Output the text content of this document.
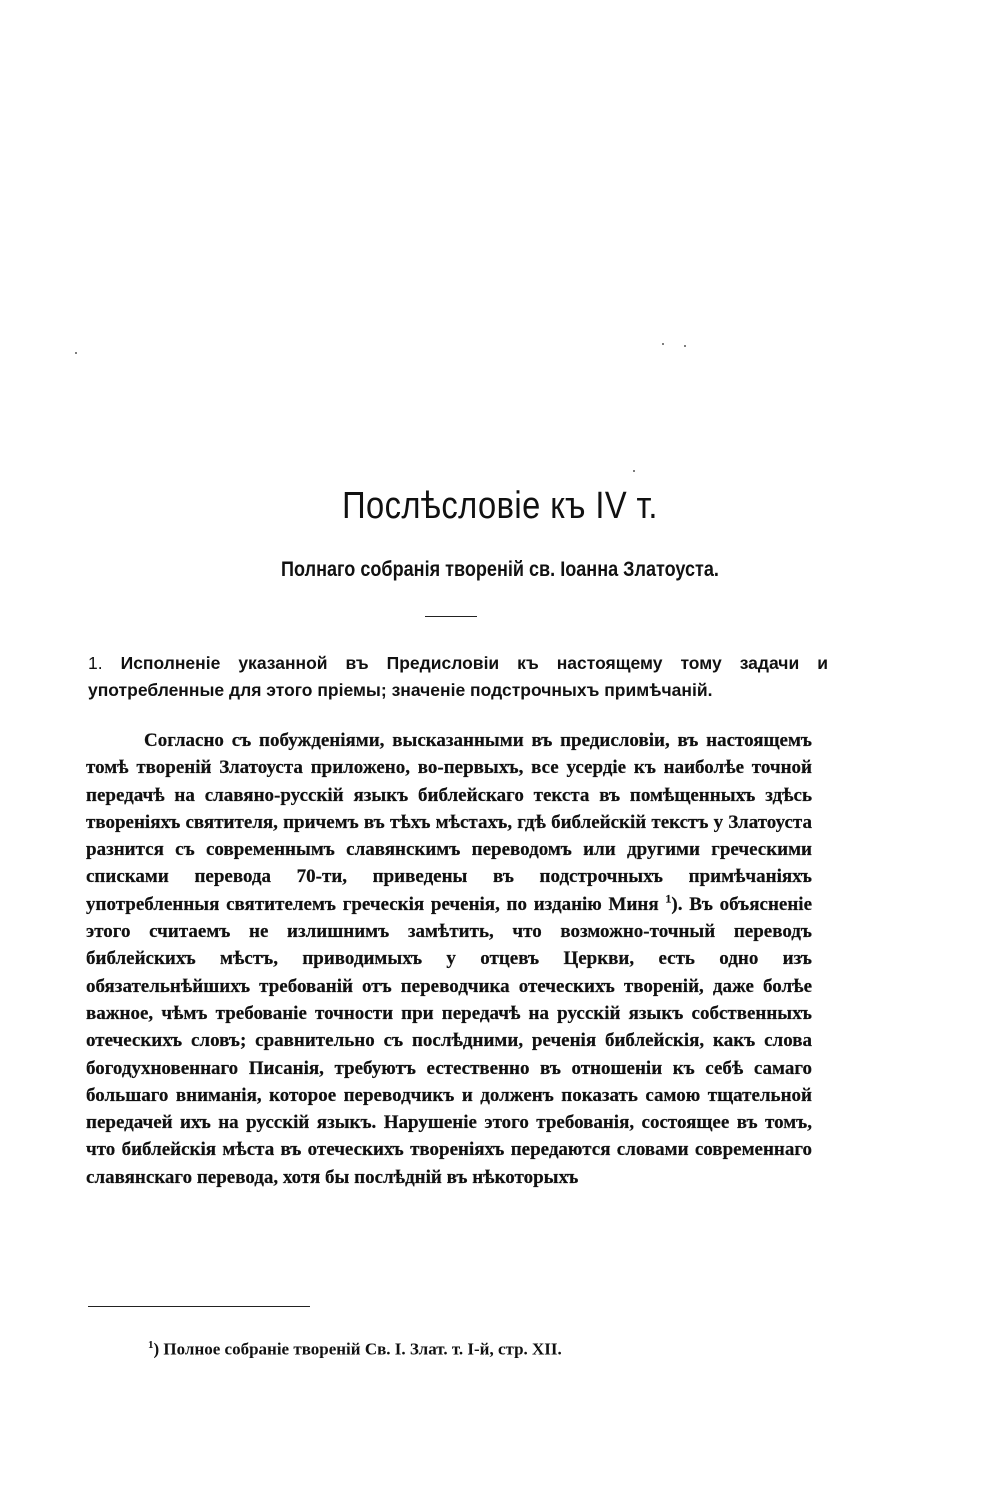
Послѣсловіе къ IV т.
Полнаго собранія твореній св. Іоанна Златоуста.
1. Исполненіе указанной въ Предисловіи къ настоящему тому задачи и употребленные для этого пріемы; значеніе подстрочныхъ примѣчаній.

Согласно съ побужденіями, высказанными въ предисловіи, въ настоящемъ томѣ твореній Златоуста приложено, во-первыхъ, все усердіе къ наиболѣе точной передачѣ на славяно-русскій языкъ библейскаго текста въ помѣщенныхъ здѣсь твореніяхъ святителя, причемъ въ тѣхъ мѣстахъ, гдѣ библейскій текстъ у Златоуста разнится съ современнымъ славянскимъ переводомъ или другими греческими списками перевода 70-ти, приведены въ подстрочныхъ примѣчаніяхъ употребленныя святителемъ греческія реченія, по изданію Миня $^1$). Въ объясненіе этого считаемъ не излишнимъ замѣтить, что возможно-точный переводъ библейскихъ мѣстъ, приводимыхъ у отцевъ Церкви, есть одно изъ обязательнѣйшихъ требованій отъ переводчика отеческихъ твореній, даже болѣе важное, чѣмъ требованіе точности при передачѣ на русскій языкъ собственныхъ отеческихъ словъ; сравнительно съ послѣдними, реченія библейскія, какъ слова богодухновеннаго Писанія, требуютъ естественно въ отношеніи къ себѣ самаго большаго вниманія, которое переводчикъ и долженъ показать самою тщательной передачей ихъ на русскій языкъ. Нарушеніе этого требованія, состоящее въ томъ, что библейскія мѣста въ отеческихъ твореніяхъ передаются словами современнаго славянскаго перевода, хотя бы послѣдній въ нѣкоторыхъ

$^1$) Полное собраніе твореній Св. І. Злат. т. І-й, стр. XII.
